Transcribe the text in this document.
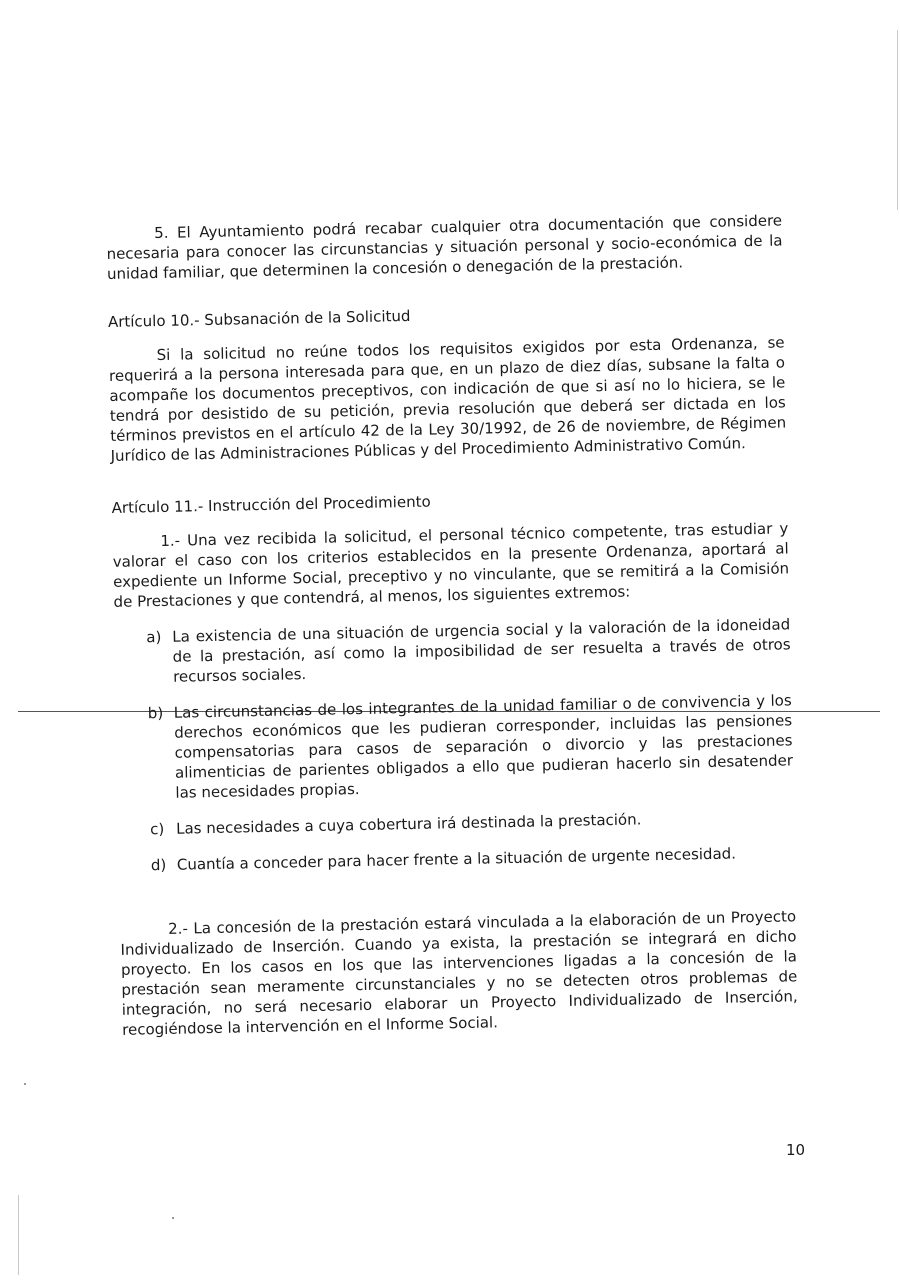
5. El Ayuntamiento podrá recabar cualquier otra documentación que considere necesaria para conocer las circunstancias y situación personal y socio-económica de la unidad familiar, que determinen la concesión o denegación de la prestación.

Artículo 10.- Subsanación de la Solicitud

Si la solicitud no reúne todos los requisitos exigidos por esta Ordenanza, se requerirá a la persona interesada para que, en un plazo de diez días, subsane la falta o acompañe los documentos preceptivos, con indicación de que si así no lo hiciera, se le tendrá por desistido de su petición, previa resolución que deberá ser dictada en los términos previstos en el artículo 42 de la Ley 30/1992, de 26 de noviembre, de Régimen Jurídico de las Administraciones Públicas y del Procedimiento Administrativo Común.

Artículo 11.- Instrucción del Procedimiento

1.- Una vez recibida la solicitud, el personal técnico competente, tras estudiar y valorar el caso con los criterios establecidos en la presente Ordenanza, aportará al expediente un Informe Social, preceptivo y no vinculante, que se remitirá a la Comisión de Prestaciones y que contendrá, al menos, los siguientes extremos:

a) La existencia de una situación de urgencia social y la valoración de la idoneidad de la prestación, así como la imposibilidad de ser resuelta a través de otros recursos sociales.
b) Las circunstancias de los integrantes de la unidad familiar o de convivencia y los derechos económicos que les pudieran corresponder, incluidas las pensiones compensatorias para casos de separación o divorcio y las prestaciones alimenticias de parientes obligados a ello que pudieran hacerlo sin desatender las necesidades propias.
c) Las necesidades a cuya cobertura irá destinada la prestación.
d) Cuantía a conceder para hacer frente a la situación de urgente necesidad.

2.- La concesión de la prestación estará vinculada a la elaboración de un Proyecto Individualizado de Inserción. Cuando ya exista, la prestación se integrará en dicho proyecto. En los casos en los que las intervenciones ligadas a la concesión de la prestación sean meramente circunstanciales y no se detecten otros problemas de integración, no será necesario elaborar un Proyecto Individualizado de Inserción, recogiéndose la intervención en el Informe Social.

10
